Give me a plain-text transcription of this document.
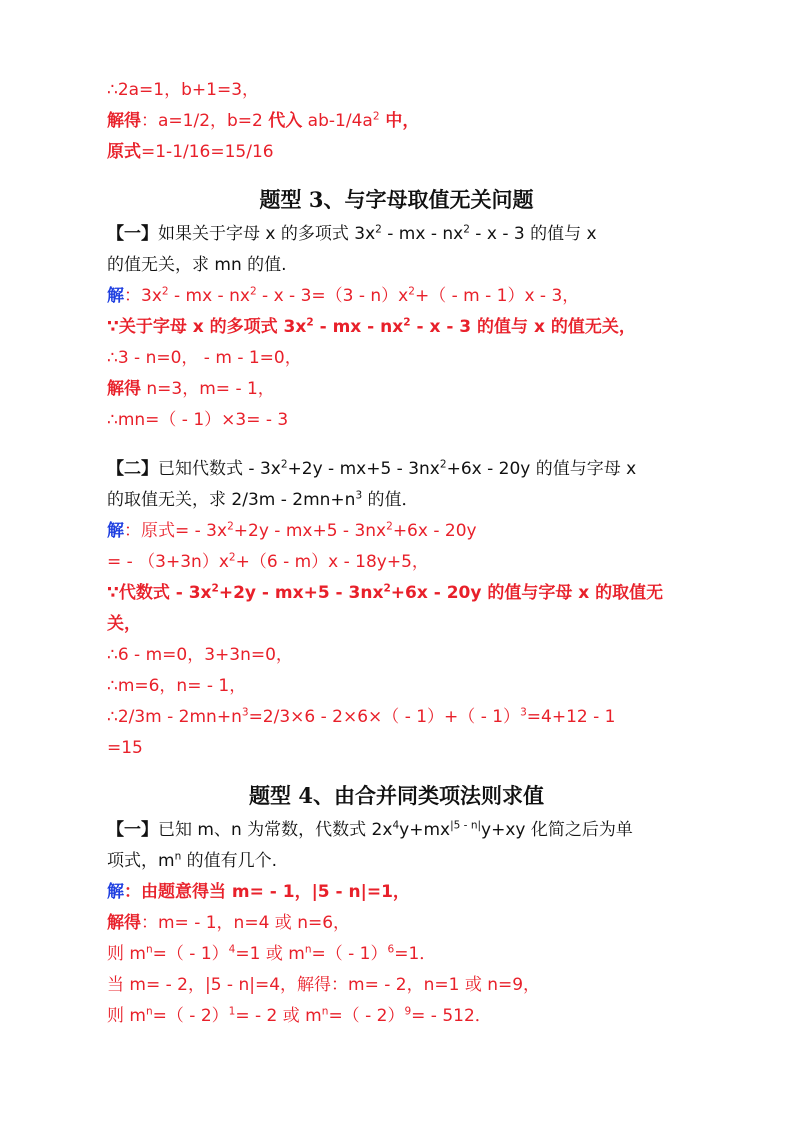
∴2a=1，b+1=3，

解得：a=1/2，b=2 代入 $ab-1/4a^2$ 中，

原式=1-1/16=15/16

题型 3、与字母取值无关问题

【一】如果关于字母 x 的多项式 $3x^2$ - mx - $nx^2$ - x - 3 的值与 x

的值无关，求 mn 的值.

解：$3x^2$ - mx - $nx^2 - x - 3=(3 - n)x^2+( - m - 1)x - 3$，

∵关于字母 x 的多项式 $3x^2$ - mx - $nx^2$ - x - 3 的值与 x 的值无关，

∴3 - n=0， - m - 1=0，

解得 n=3，m= - 1，

∴mn=（ - 1）×3= - 3

【二】已知代数式 - $3x^2+2y - mx+5 - 3nx^2+6x - 20y$ 的值与字母 x

的取值无关，求 $2/3m - 2mn+n^3$ 的值．

解：原式= - $3x^2+2y - mx+5 - 3nx^2+6x - 20y$

= - $(3+3n)x^2+(6 - m)x - 18y+5$，

∵代数式 - $3x^2+2y - mx+5 - 3nx^2+6x - 20y$ 的值与字母 x 的取值无

关，

∴6 - m=0，3+3n=0，

∴m=6，n= - 1，

∴2/3m - $2mn+n^3=2/3\times 6 - 2\times 6\times( - 1)+( - 1)^3=4+12 - 1$

=15

题型 4、由合并同类项法则求值

【一】已知 m、n 为常数，代数式 $2x^4y+mx^{|5 - n|}y+xy$ 化简之后为单

项式，$m^n$ 的值有几个.

解：由题意得当 m= - 1，|5 - n|=1，

解得：m= - 1，n=4 或 n=6，

则 $m^n=( - 1)^4=1$ 或 $m^n=( - 1)^6=1$．

当 m= - 2，|5 - n|=4，解得：m= - 2，n=1 或 n=9，

则 $m^n=( - 2)^1= - 2$ 或 $m^n=( - 2)^9= - 512$．
